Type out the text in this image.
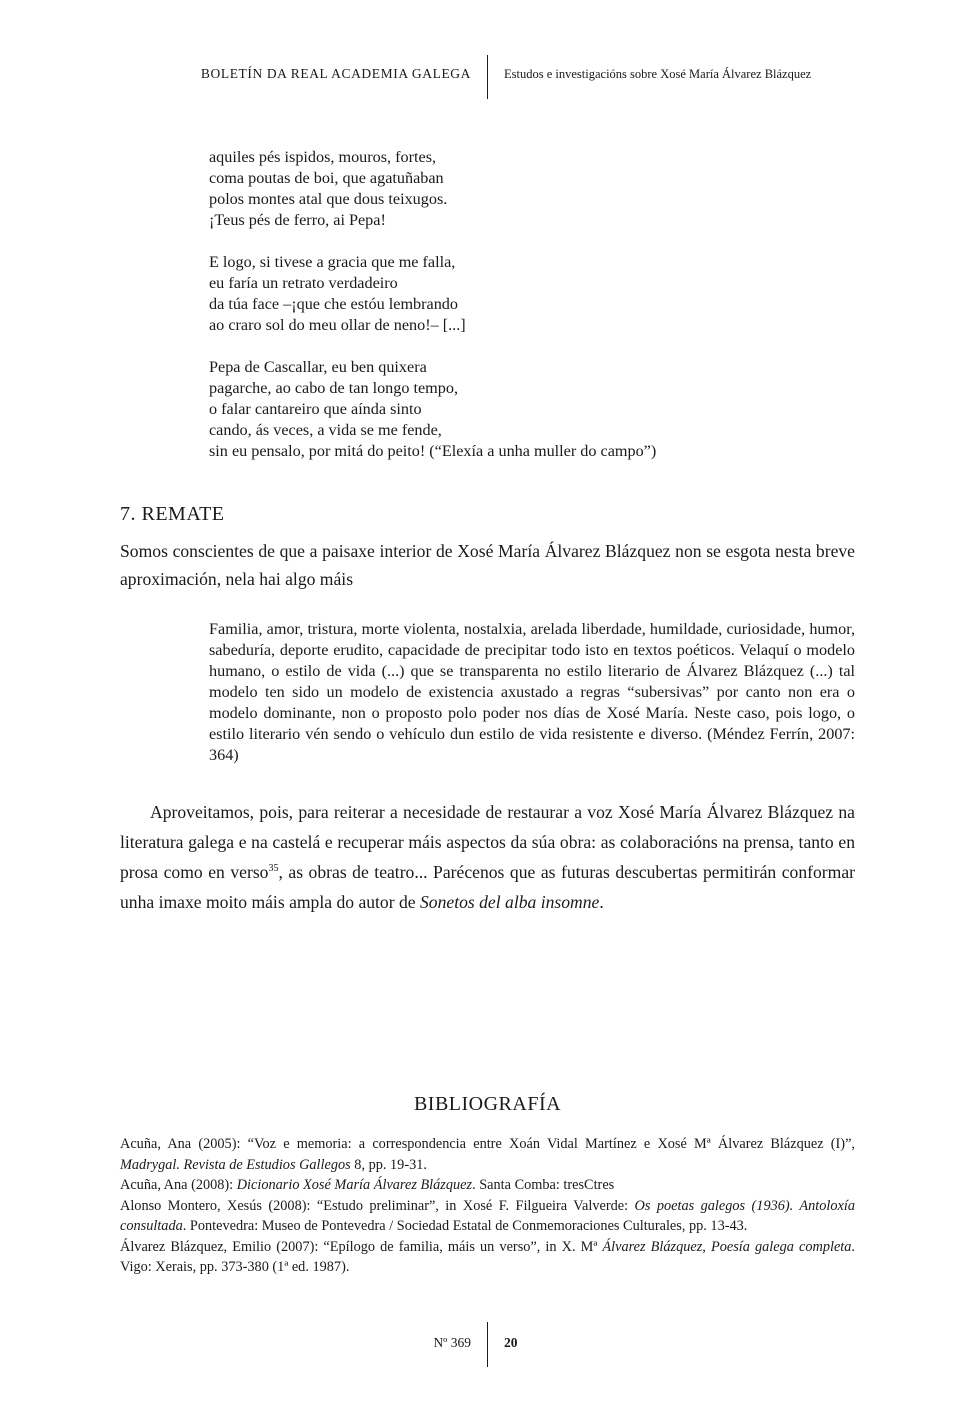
BOLETÍN DA REAL ACADEMIA GALEGA	Estudos e investigacións sobre Xosé María Álvarez Blázquez
aquiles pés ispidos, mouros, fortes,
coma poutas de boi, que agatuñaban
polos montes atal que dous teixugos.
¡Teus pés de ferro, ai Pepa!
E logo, si tivese a gracia que me falla,
eu faría un retrato verdadeiro
da túa face –¡que che estóu lembrando
ao craro sol do meu ollar de neno!– [...]
Pepa de Cascallar, eu ben quixera
pagarche, ao cabo de tan longo tempo,
o falar cantareiro que aínda sinto
cando, ás veces, a vida se me fende,
sin eu pensalo, por mitá do peito! (“Elexía a unha muller do campo”)
7. REMATE
Somos conscientes de que a paisaxe interior de Xosé María Álvarez Blázquez non se esgota nesta breve aproximación, nela hai algo máis
Familia, amor, tristura, morte violenta, nostalxia, arelada liberdade, humildade, curiosidade, humor, sabeduría, deporte erudito, capacidade de precipitar todo isto en textos poéticos. Velaquí o modelo humano, o estilo de vida (...) que se transparenta no estilo literario de Álvarez Blázquez (...) tal modelo ten sido un modelo de existencia axustado a regras “subersivas” por canto non era o modelo dominante, non o proposto polo poder nos días de Xosé María. Neste caso, pois logo, o estilo literario vén sendo o vehículo dun estilo de vida resistente e diverso. (Méndez Ferrín, 2007: 364)
Aproveitamos, pois, para reiterar a necesidade de restaurar a voz Xosé María Álvarez Blázquez na literatura galega e na castelá e recuperar máis aspectos da súa obra: as colaboracións na prensa, tanto en prosa como en verso$^{35}$, as obras de teatro... Parécenos que as futuras descubertas permitirán conformar unha imaxe moito máis ampla do autor de Sonetos del alba insomne.
BIBLIOGRAFÍA
Acuña, Ana (2005): “Voz e memoria: a correspondencia entre Xoán Vidal Martínez e Xosé Mª Álvarez Blázquez (I)”, Madrygal. Revista de Estudios Gallegos 8, pp. 19-31.
Acuña, Ana (2008): Dicionario Xosé María Álvarez Blázquez. Santa Comba: tresCtres
Alonso Montero, Xesús (2008): “Estudo preliminar”, in Xosé F. Filgueira Valverde: Os poetas galegos (1936). Antoloxía consultada. Pontevedra: Museo de Pontevedra / Sociedad Estatal de Conmemoraciones Culturales, pp. 13-43.
Álvarez Blázquez, Emilio (2007): “Epílogo de familia, máis un verso”, in X. Mª Álvarez Blázquez, Poesía galega completa. Vigo: Xerais, pp. 373-380 (1ª ed. 1987).
Nº 369 20
